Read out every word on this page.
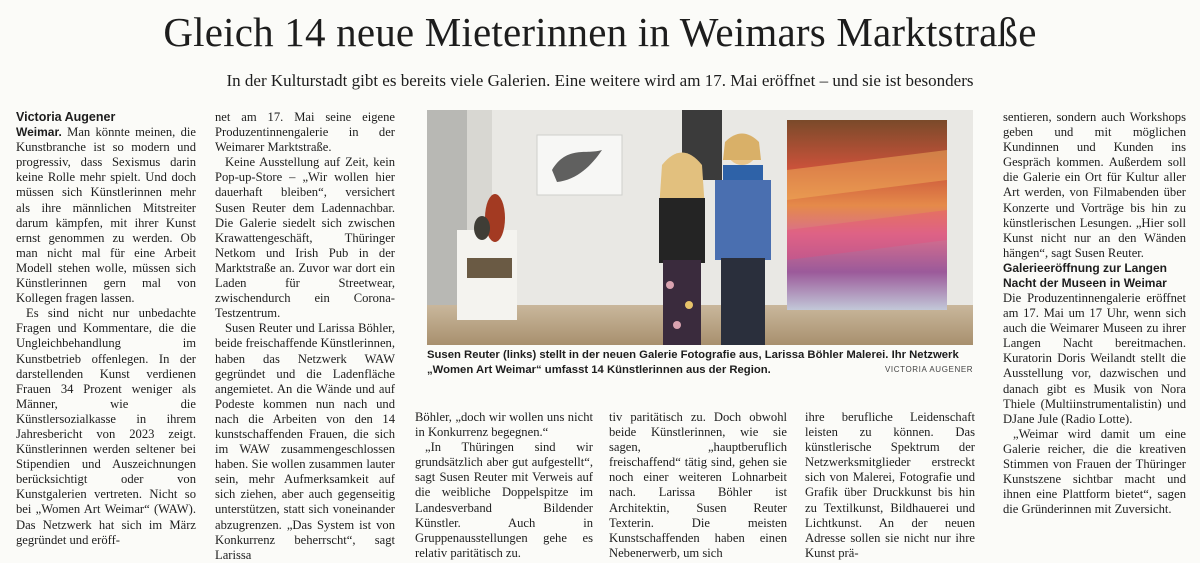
Gleich 14 neue Mieterinnen in Weimars Marktstraße

In der Kulturstadt gibt es bereits viele Galerien. Eine weitere wird am 17. Mai eröffnet – und sie ist besonders

Victoria Augener

Weimar. Man könnte meinen, die Kunstbranche ist so modern und progressiv, dass Sexismus darin keine Rolle mehr spielt. Und doch müssen sich Künstlerinnen mehr als ihre männlichen Mitstreiter darum kämpfen, mit ihrer Kunst ernst genommen zu werden. Ob man nicht mal für eine Arbeit Modell stehen wolle, müssen sich Künstlerinnen gern mal von Kollegen fragen lassen.

Es sind nicht nur unbedachte Fragen und Kommentare, die die Ungleichbehandlung im Kunstbetrieb offenlegen. In der darstellenden Kunst verdienen Frauen 34 Prozent weniger als Männer, wie die Künstlersozialkasse in ihrem Jahresbericht von 2023 zeigt. Künstlerinnen werden seltener bei Stipendien und Auszeichnungen berücksichtigt oder von Kunstgalerien vertreten. Nicht so bei „Women Art Weimar“ (WAW). Das Netzwerk hat sich im März gegründet und eröff-

net am 17. Mai seine eigene Produzentinnengalerie in der Weimarer Marktstraße.

Keine Ausstellung auf Zeit, kein Pop-up-Store – „Wir wollen hier dauerhaft bleiben“, versichert Susen Reuter dem Ladennachbar. Die Galerie siedelt sich zwischen Krawattengeschäft, Thüringer Netkom und Irish Pub in der Marktstraße an. Zuvor war dort ein Laden für Streetwear, zwischendurch ein Corona-Testzentrum.

Susen Reuter und Larissa Böhler, beide freischaffende Künstlerinnen, haben das Netzwerk WAW gegründet und die Ladenfläche angemietet. An die Wände und auf Podeste kommen nun nach und nach die Arbeiten von den 14 kunstschaffenden Frauen, die sich im WAW zusammengeschlossen haben. Sie wollen zusammen lauter sein, mehr Aufmerksamkeit auf sich ziehen, aber auch gegenseitig unterstützen, statt sich voneinander abzugrenzen. „Das System ist von Konkurrenz beherrscht“, sagt Larissa

Susen Reuter (links) stellt in der neuen Galerie Fotografie aus, Larissa Böhler Malerei. Ihr Netzwerk „Women Art Weimar“ umfasst 14 Künstlerinnen aus der Region.	VICTORIA AUGENER

Böhler, „doch wir wollen uns nicht in Konkurrenz begegnen.“

„In Thüringen sind wir grundsätzlich aber gut aufgestellt“, sagt Susen Reuter mit Verweis auf die weibliche Doppelspitze im Landesverband Bildender Künstler. Auch in Gruppenausstellungen gehe es relativ paritätisch zu.

tiv paritätisch zu. Doch obwohl beide Künstlerinnen, wie sie sagen, „hauptberuflich freischaffend“ tätig sind, gehen sie noch einer weiteren Lohnarbeit nach. Larissa Böhler ist Architektin, Susen Reuter Texterin. Die meisten Kunstschaffenden haben einen Nebenerwerb, um sich

ihre berufliche Leidenschaft leisten zu können. Das künstlerische Spektrum der Netzwerksmitglieder erstreckt sich von Malerei, Fotografie und Grafik über Druckkunst bis hin zu Textilkunst, Bildhauerei und Lichtkunst. An der neuen Adresse sollen sie nicht nur ihre Kunst prä-

sentieren, sondern auch Workshops geben und mit möglichen Kundinnen und Kunden ins Gespräch kommen. Außerdem soll die Galerie ein Ort für Kultur aller Art werden, von Filmabenden über Konzerte und Vorträge bis hin zu künstlerischen Lesungen. „Hier soll Kunst nicht nur an den Wänden hängen“, sagt Susen Reuter.

Galerieeröffnung zur Langen Nacht der Museen in Weimar

Die Produzentinnengalerie eröffnet am 17. Mai um 17 Uhr, wenn sich auch die Weimarer Museen zu ihrer Langen Nacht bereitmachen. Kuratorin Doris Weilandt stellt die Ausstellung vor, dazwischen und danach gibt es Musik von Nora Thiele (Multiinstrumentalistin) und DJane Jule (Radio Lotte).

„Weimar wird damit um eine Galerie reicher, die die kreativen Stimmen von Frauen der Thüringer Kunstszene sichtbar macht und ihnen eine Plattform bietet“, sagen die Gründerinnen mit Zuversicht.
